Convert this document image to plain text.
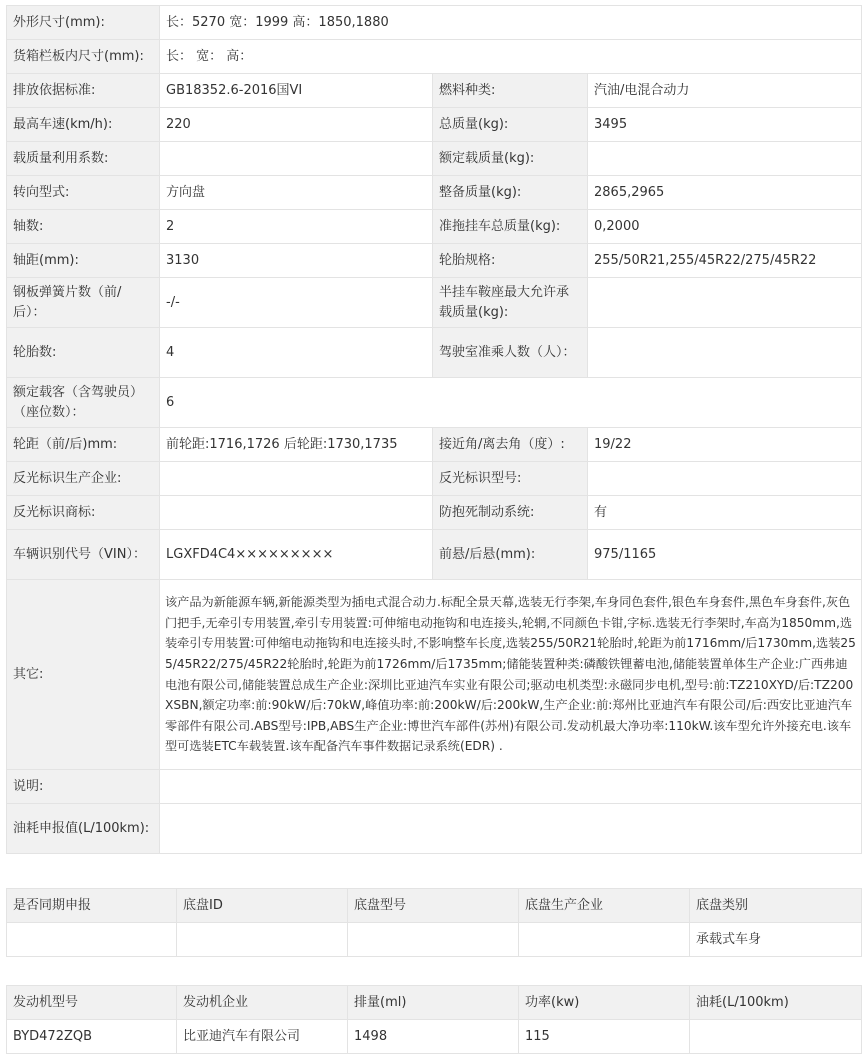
外形尺寸(mm):	长：5270 宽：1999 高：1850,1880		
货箱栏板内尺寸(mm):	长： 宽： 高：		
排放依据标准:	GB18352.6-2016国VI	燃料种类:	汽油/电混合动力
最高车速(km/h):	220	总质量(kg):	3495
载质量利用系数:		额定载质量(kg):	
转向型式:	方向盘	整备质量(kg):	2865,2965
轴数:	2	准拖挂车总质量(kg):	0,2000
轴距(mm):	3130	轮胎规格:	255/50R21,255/45R22/275/45R22
钢板弹簧片数（前/后）：	-/-	半挂车鞍座最大允许承载质量(kg):	
轮胎数:	4	驾驶室准乘人数（人）：	
额定载客（含驾驶员）（座位数）：	6		
轮距（前/后)mm:	前轮距:1716,1726 后轮距:1730,1735	接近角/离去角（度）:	19/22
反光标识生产企业:		反光标识型号:	
反光标识商标:		防抱死制动系统:	有
车辆识别代号（VIN）：	LGXFD4C4×××××××××	前悬/后悬(mm):	975/1165
其它:	该产品为新能源车辆,新能源类型为插电式混合动力.标配全景天幕,选装无行李架,车身同色套件,银色车身套件,黑色车身套件,灰色门把手,无牵引专用装置,牵引专用装置:可伸缩电动拖钩和电连接头,轮辋,不同颜色卡钳,字标.选装无行李架时,车高为1850mm,选装牵引专用装置:可伸缩电动拖钩和电连接头时,不影响整车长度,选装255/50R21轮胎时,轮距为前1716mm/后1730mm,选装255/45R22/275/45R22轮胎时,轮距为前1726mm/后1735mm;储能装置种类:磷酸铁锂蓄电池,储能装置单体生产企业:广西弗迪电池有限公司,储能装置总成生产企业:深圳比亚迪汽车实业有限公司;驱动电机类型:永磁同步电机,型号:前:TZ210XYD/后:TZ200XSBN,额定功率:前:90kW/后:70kW,峰值功率:前:200kW/后:200kW,生产企业:前:郑州比亚迪汽车有限公司/后:西安比亚迪汽车零部件有限公司.ABS型号:IPB,ABS生产企业:博世汽车部件(苏州)有限公司.发动机最大净功率:110kW.该车型允许外接充电.该车型可选装ETC车载装置.该车配备汽车事件数据记录系统(EDR) .		
说明:			
油耗申报值(L/100km):			
是否同期申报	底盘ID	底盘型号	底盘生产企业	底盘类别
				承载式车身
发动机型号	发动机企业	排量(ml)	功率(kw)	油耗(L/100km)
BYD472ZQB	比亚迪汽车有限公司	1498	115	
